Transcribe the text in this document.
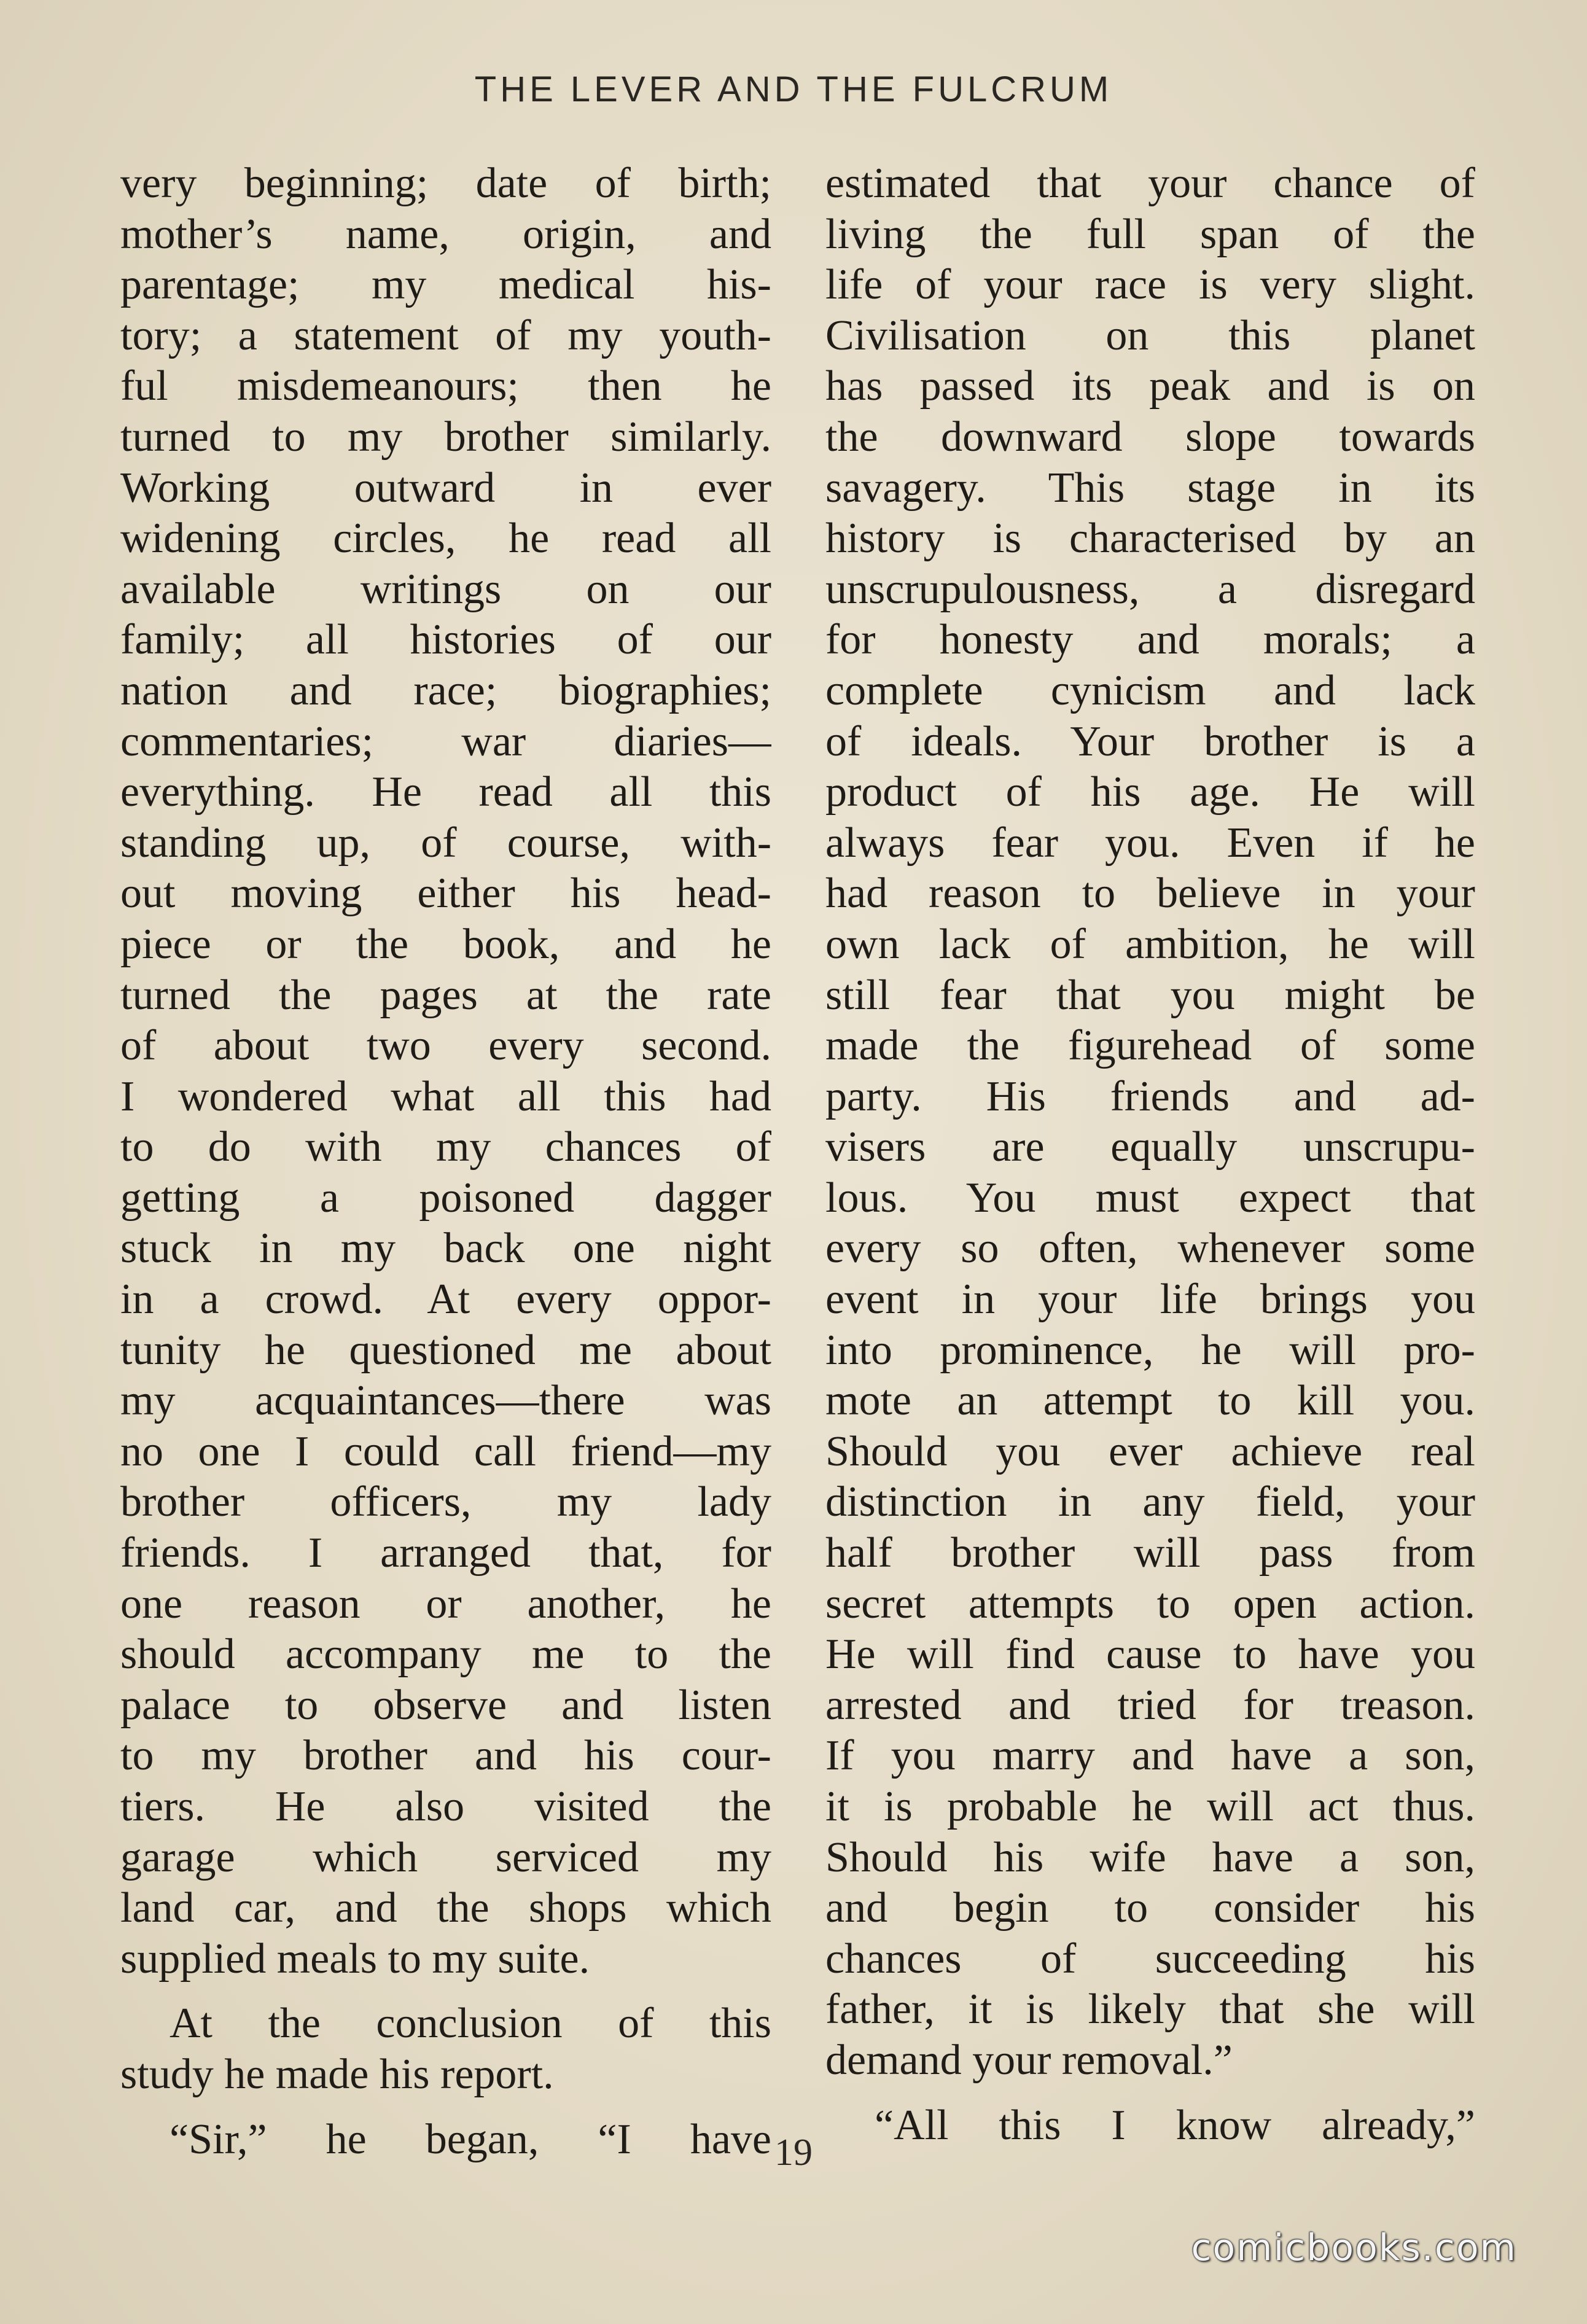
THE LEVER AND THE FULCRUM
very beginning; date of birth;
mother’s name, origin, and
parentage; my medical his-
tory; a statement of my youth-
ful misdemeanours; then he
turned to my brother similarly.
Working outward in ever
widening circles, he read all
available writings on our
family; all histories of our
nation and race; biographies;
commentaries; war diaries—
everything. He read all this
standing up, of course, with-
out moving either his head-
piece or the book, and he
turned the pages at the rate
of about two every second.
I wondered what all this had
to do with my chances of
getting a poisoned dagger
stuck in my back one night
in a crowd. At every oppor-
tunity he questioned me about
my acquaintances—there was
no one I could call friend—my
brother officers, my lady
friends. I arranged that, for
one reason or another, he
should accompany me to the
palace to observe and listen
to my brother and his cour-
tiers. He also visited the
garage which serviced my
land car, and the shops which
supplied meals to my suite.
At the conclusion of this
study he made his report.
“Sir,” he began, “I have
estimated that your chance of
living the full span of the
life of your race is very slight.
Civilisation on this planet
has passed its peak and is on
the downward slope towards
savagery. This stage in its
history is characterised by an
unscrupulousness, a disregard
for honesty and morals; a
complete cynicism and lack
of ideals. Your brother is a
product of his age. He will
always fear you. Even if he
had reason to believe in your
own lack of ambition, he will
still fear that you might be
made the figurehead of some
party. His friends and ad-
visers are equally unscrupu-
lous. You must expect that
every so often, whenever some
event in your life brings you
into prominence, he will pro-
mote an attempt to kill you.
Should you ever achieve real
distinction in any field, your
half brother will pass from
secret attempts to open action.
He will find cause to have you
arrested and tried for treason.
If you marry and have a son,
it is probable he will act thus.
Should his wife have a son,
and begin to consider his
chances of succeeding his
father, it is likely that she will
demand your removal.”
“All this I know already,”
19
comicbooks.com
